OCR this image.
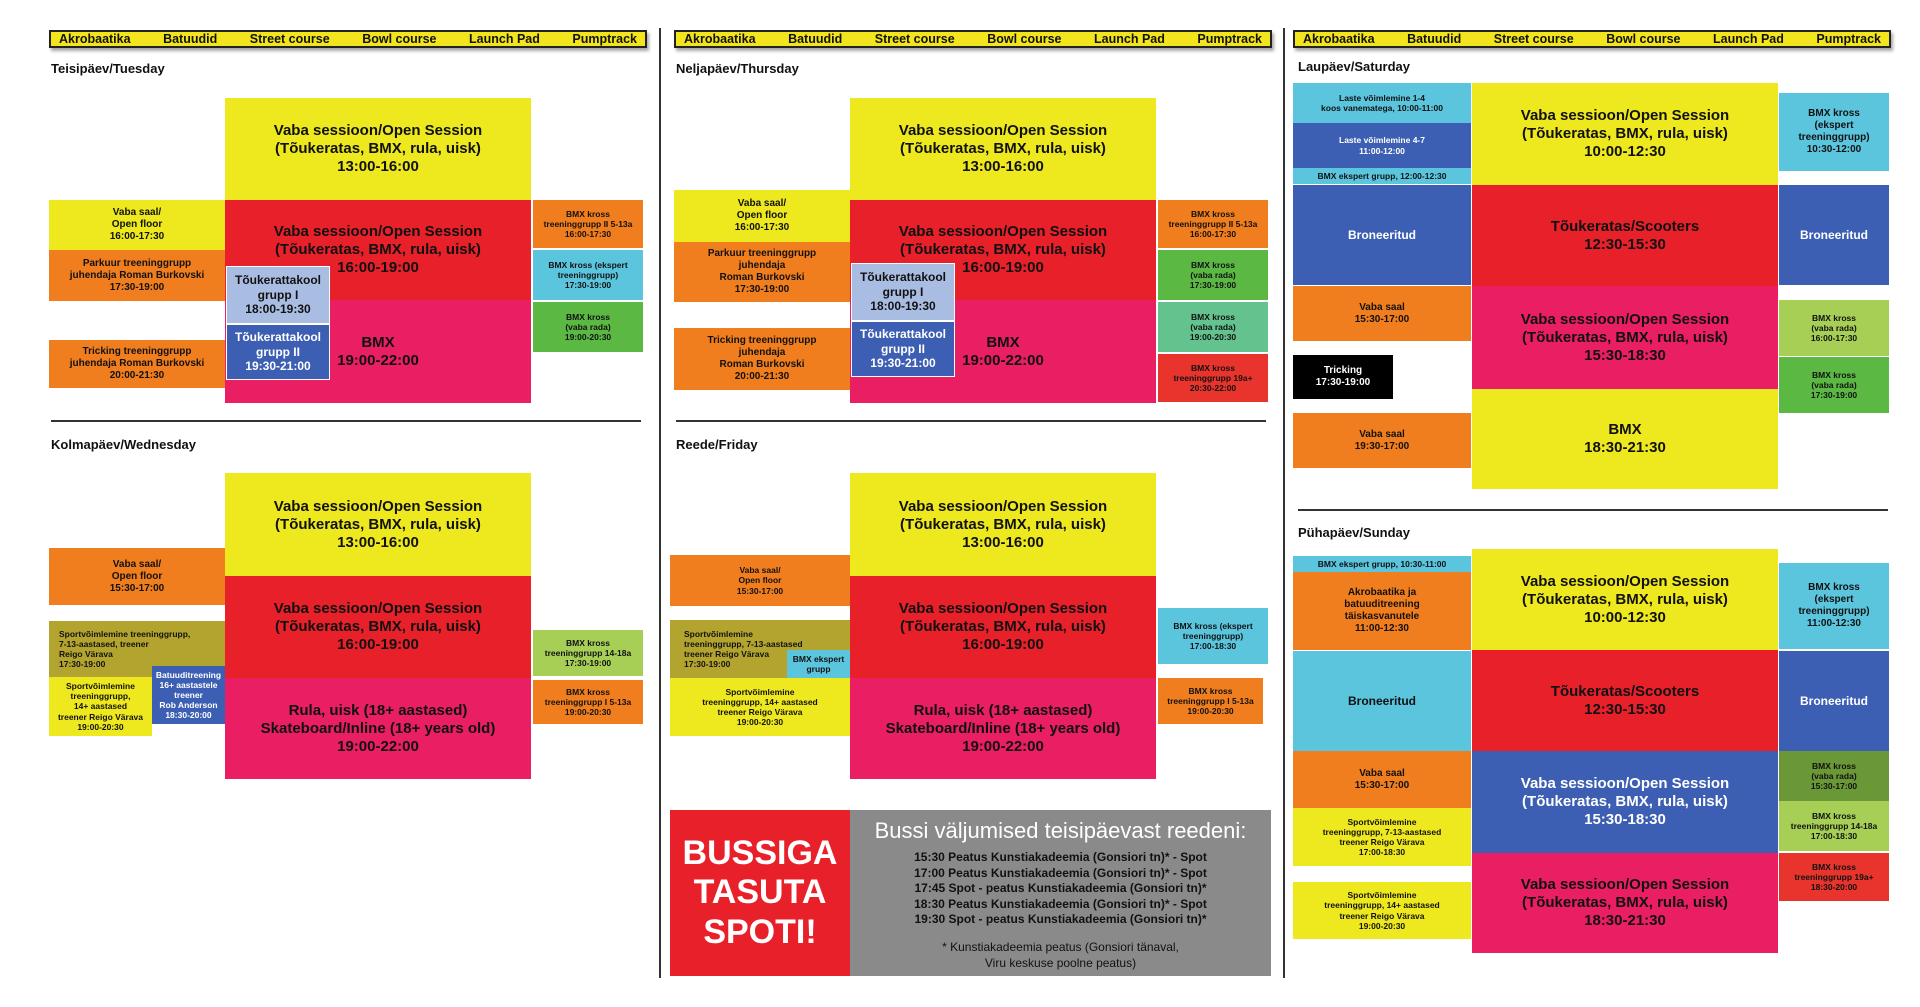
Akrobaatika	Batuudid	Street course	Bowl course	Launch Pad	Pumptrack	Akrobaatika	Batuudid	Street course	Bowl course	Launch Pad	Pumptrack	Akrobaatika	Batuudid	Street course	Bowl course	Launch Pad	Pumptrack
Teisipäev/Tuesday
Vaba sessioon/Open Session
(Tõukeratas, BMX, rula, uisk)
13:00-16:00
Vaba sessioon/Open Session
(Tõukeratas, BMX, rula, uisk)
16:00-19:00
BMX
19:00-22:00
Vaba saal/
Open floor
16:00-17:30
Parkuur treeninggrupp
juhendaja Roman Burkovski
17:30-19:00
Tricking treeninggrupp
juhendaja Roman Burkovski
20:00-21:30
Tõukerattakool
grupp I
18:00-19:30
Tõukerattakool
grupp II
19:30-21:00
BMX kross
treeninggrupp II 5-13a
16:00-17:30
BMX kross (ekspert
treeninggrupp)
17:30-19:00
BMX kross
(vaba rada)
19:00-20:30
Kolmapäev/Wednesday
Vaba sessioon/Open Session
(Tõukeratas, BMX, rula, uisk)
13:00-16:00
Vaba sessioon/Open Session
(Tõukeratas, BMX, rula, uisk)
16:00-19:00
Rula, uisk (18+ aastased)
Skateboard/Inline (18+ years old)
19:00-22:00
Vaba saal/
Open floor
15:30-17:00
Sportvõimlemine treeninggrupp,
7-13-aastased, treener
Reigo Värava
17:30-19:00
Sportvõimlemine
treeninggrupp,
14+ aastased
treener Reigo Värava
19:00-20:30
Batuuditreening
16+ aastastele
treener
Rob Anderson
18:30-20:00
BMX kross
treeninggrupp 14-18a
17:30-19:00
BMX kross
treeninggrupp I 5-13a
19:00-20:30
Neljapäev/Thursday
Vaba sessioon/Open Session
(Tõukeratas, BMX, rula, uisk)
13:00-16:00
Vaba sessioon/Open Session
(Tõukeratas, BMX, rula, uisk)
16:00-19:00
BMX
19:00-22:00
Vaba saal/
Open floor
16:00-17:30
Parkuur treeninggrupp
juhendaja
Roman Burkovski
17:30-19:00
Tricking treeninggrupp
juhendaja
Roman Burkovski
20:00-21:30
Tõukerattakool
grupp I
18:00-19:30
Tõukerattakool
grupp II
19:30-21:00
BMX kross
treeninggrupp II 5-13a
16:00-17:30
BMX kross
(vaba rada)
17:30-19:00
BMX kross
(vaba rada)
19:00-20:30
BMX kross
treeninggrupp 19a+
20:30-22:00
Reede/Friday
Vaba sessioon/Open Session
(Tõukeratas, BMX, rula, uisk)
13:00-16:00
Vaba sessioon/Open Session
(Tõukeratas, BMX, rula, uisk)
16:00-19:00
Rula, uisk (18+ aastased)
Skateboard/Inline (18+ years old)
19:00-22:00
Vaba saal/
Open floor
15:30-17:00
Sportvõimlemine
treeninggrupp, 7-13-aastased
treener Reigo Värava
17:30-19:00
BMX ekspert
grupp
Sportvõimlemine
treeninggrupp, 14+ aastased
treener Reigo Värava
19:00-20:30
BMX kross (ekspert
treeninggrupp)
17:00-18:30
BMX kross
treeninggrupp I 5-13a
19:00-20:30
BUSSIGA
TASUTA
SPOTI!
Bussi väljumised teisipäevast reedeni:
15:30 Peatus Kunstiakadeemia (Gonsiori tn)* - Spot
17:00 Peatus Kunstiakadeemia (Gonsiori tn)* - Spot
17:45 Spot - peatus Kunstiakadeemia (Gonsiori tn)*
18:30 Peatus Kunstiakadeemia (Gonsiori tn)* - Spot
19:30 Spot - peatus Kunstiakadeemia (Gonsiori tn)*
* Kunstiakadeemia peatus (Gonsiori tänaval,
Viru keskuse poolne peatus)
Laupäev/Saturday
Laste võimlemine 1-4
koos vanematega, 10:00-11:00
Laste võimlemine 4-7
11:00-12:00
BMX ekspert grupp, 12:00-12:30
Broneeritud
Vaba saal
15:30-17:00
Tricking
17:30-19:00
Vaba saal
19:30-17:00
Vaba sessioon/Open Session
(Tõukeratas, BMX, rula, uisk)
10:00-12:30
Tõukeratas/Scooters
12:30-15:30
Vaba sessioon/Open Session
(Tõukeratas, BMX, rula, uisk)
15:30-18:30
BMX
18:30-21:30
BMX kross
(ekspert
treeninggrupp)
10:30-12:00
Broneeritud
BMX kross
(vaba rada)
16:00-17:30
BMX kross
(vaba rada)
17:30-19:00
Pühapäev/Sunday
BMX ekspert grupp, 10:30-11:00
Akrobaatika ja
batuuditreening
täiskasvanutele
11:00-12:30
Broneeritud
Vaba saal
15:30-17:00
Sportvõimlemine
treeninggrupp, 7-13-aastased
treener Reigo Värava
17:00-18:30
Sportvõimlemine
treeninggrupp, 14+ aastased
treener Reigo Värava
19:00-20:30
Vaba sessioon/Open Session
(Tõukeratas, BMX, rula, uisk)
10:00-12:30
Tõukeratas/Scooters
12:30-15:30
Vaba sessioon/Open Session
(Tõukeratas, BMX, rula, uisk)
15:30-18:30
Vaba sessioon/Open Session
(Tõukeratas, BMX, rula, uisk)
18:30-21:30
BMX kross
(ekspert
treeninggrupp)
11:00-12:30
Broneeritud
BMX kross
(vaba rada)
15:30-17:00
BMX kross
treeninggrupp 14-18a
17:00-18:30
BMX kross
treeninggrupp 19a+
18:30-20:00
